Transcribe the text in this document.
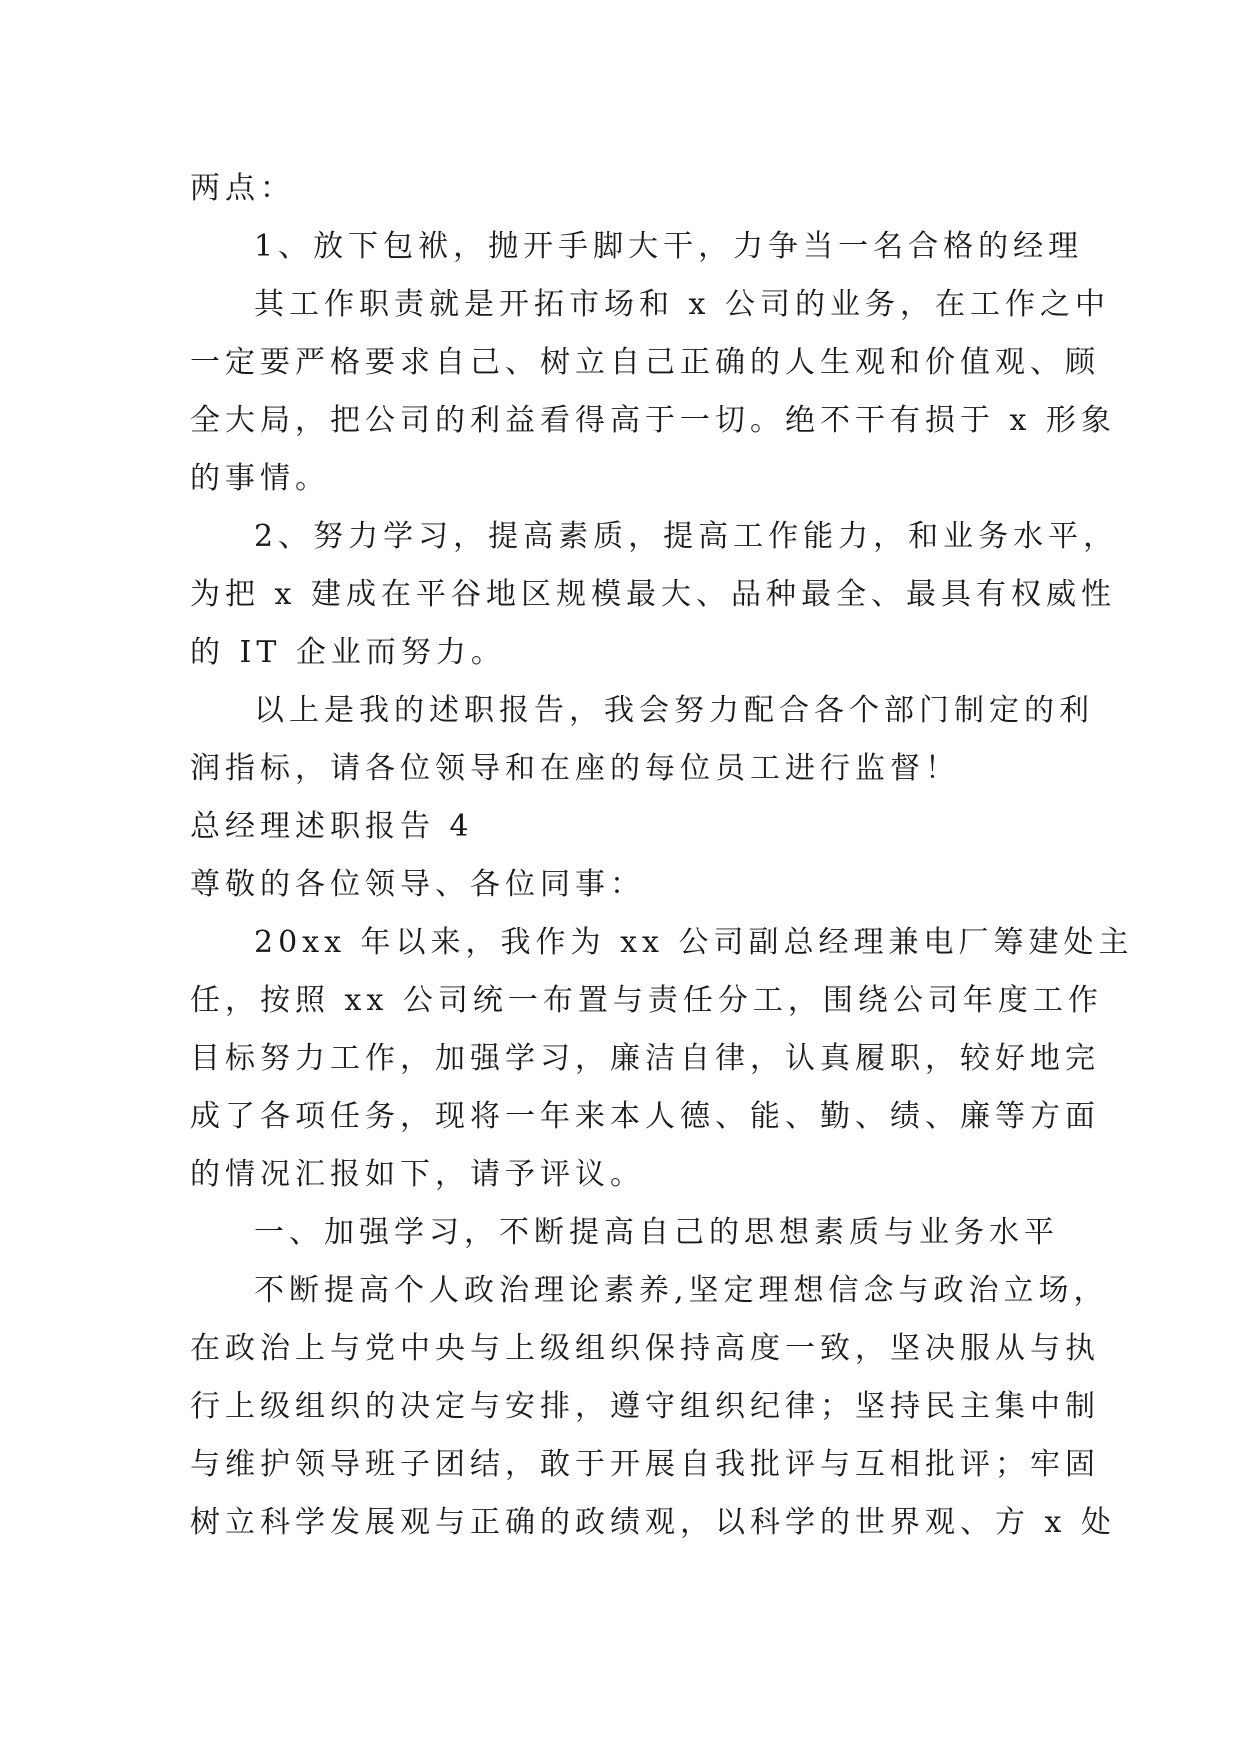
两点：
1、放下包袱，抛开手脚大干，力争当一名合格的经理
其工作职责就是开拓市场和 x 公司的业务，在工作之中
一定要严格要求自己、树立自己正确的人生观和价值观、顾
全大局，把公司的利益看得高于一切。绝不干有损于 x 形象
的事情。
2、努力学习，提高素质，提高工作能力，和业务水平，
为把 x 建成在平谷地区规模最大、品种最全、最具有权威性
的 IT 企业而努力。
以上是我的述职报告，我会努力配合各个部门制定的利
润指标，请各位领导和在座的每位员工进行监督！
总经理述职报告 4
尊敬的各位领导、各位同事：
20xx 年以来，我作为 xx 公司副总经理兼电厂筹建处主
任，按照 xx 公司统一布置与责任分工，围绕公司年度工作
目标努力工作，加强学习，廉洁自律，认真履职，较好地完
成了各项任务，现将一年来本人德、能、勤、绩、廉等方面
的情况汇报如下，请予评议。
一、加强学习，不断提高自己的思想素质与业务水平
不断提高个人政治理论素养,坚定理想信念与政治立场，
在政治上与党中央与上级组织保持高度一致，坚决服从与执
行上级组织的决定与安排，遵守组织纪律；坚持民主集中制
与维护领导班子团结，敢于开展自我批评与互相批评；牢固
树立科学发展观与正确的政绩观，以科学的世界观、方 x 处
